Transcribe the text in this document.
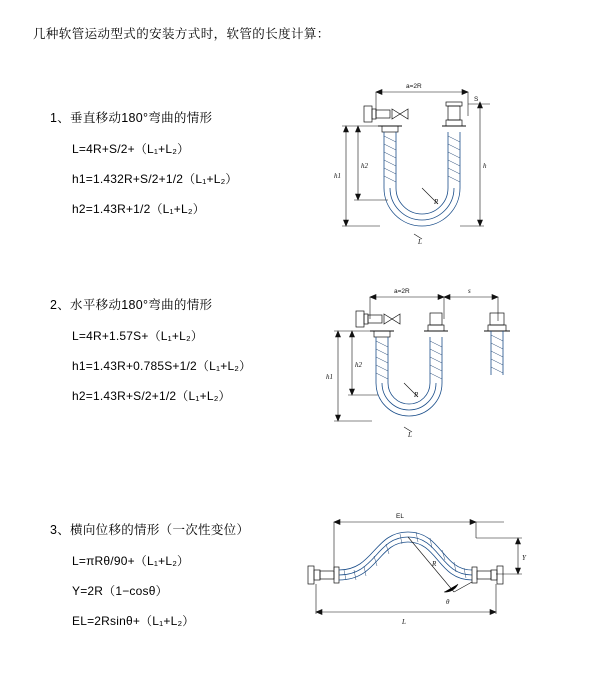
几种软管运动型式的安装方式时，软管的长度计算：
1、垂直移动180°弯曲的情形
L=4R+S/2+（L₁+L₂）
h1=1.432R+S/2+1/2（L₁+L₂）
h2=1.43R+1/2（L₁+L₂）
a=2R
S
h
h1
h2
R
L
2、水平移动180°弯曲的情形
L=4R+1.57S+（L₁+L₂）
h1=1.43R+0.785S+1/2（L₁+L₂）
h2=1.43R+S/2+1/2（L₁+L₂）
a=2R	s
h1
h2
R
L
3、横向位移的情形（一次性变位）
L=πRθ/90+（L₁+L₂）
Y=2R（1−cosθ）
EL=2Rsinθ+（L₁+L₂）
EL
Y
R
θ
L
